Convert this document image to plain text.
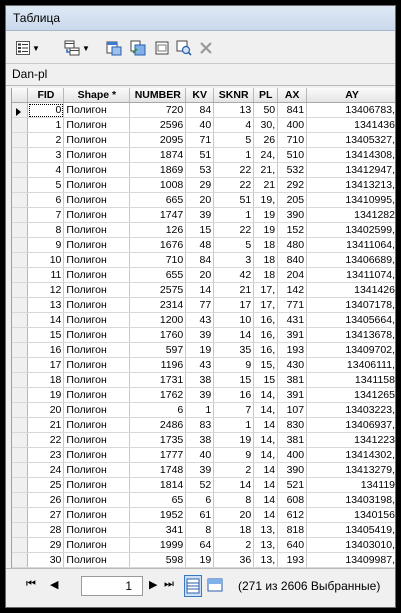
Таблица
▼	▼
Dan-pl
	FID	Shape *	NUMBER	KV	SKNR	PL	AX	AY

	0	Полигон	720	84	13	50	841	13406783,
	1	Полигон	2596	40	4	30,	400	1341436
	2	Полигон	2095	71	5	26	710	13405327,
	3	Полигон	1874	51	1	24,	510	13414308,
	4	Полигон	1869	53	22	21,	532	13412947,
	5	Полигон	1008	29	22	21	292	13413213,
	6	Полигон	665	20	51	19,	205	13410995,
	7	Полигон	1747	39	1	19	390	1341282
	8	Полигон	126	15	22	19	152	13402599,
	9	Полигон	1676	48	5	18	480	13411064,
	10	Полигон	710	84	3	18	840	13406689,
	11	Полигон	655	20	42	18	204	13411074,
	12	Полигон	2575	14	21	17,	142	1341426
	13	Полигон	2314	77	17	17,	771	13407178,
	14	Полигон	1200	43	10	16,	431	13405664,
	15	Полигон	1760	39	14	16,	391	13413678,
	16	Полигон	597	19	35	16,	193	13409702,
	17	Полигон	1196	43	9	15,	430	13406111,
	18	Полигон	1731	38	15	15	381	1341158
	19	Полигон	1762	39	16	14,	391	1341265
	20	Полигон	6	1	7	14,	107	13403223,
	21	Полигон	2486	83	1	14	830	13406937,
	22	Полигон	1735	38	19	14,	381	1341223
	23	Полигон	1777	40	9	14,	400	13414302,
	24	Полигон	1748	39	2	14	390	13413279,
	25	Полигон	1814	52	14	14	521	134119
	26	Полигон	65	6	8	14	608	13403198,
	27	Полигон	1952	61	20	14	612	1340156
	28	Полигон	341	8	18	13,	818	13405419,
	29	Полигон	1999	64	2	13,	640	13403010,
	30	Полигон	598	19	36	13,	193	13409987,

⏮ ◀	1	▶ ⏭	(271 из 2606 Выбранные)
